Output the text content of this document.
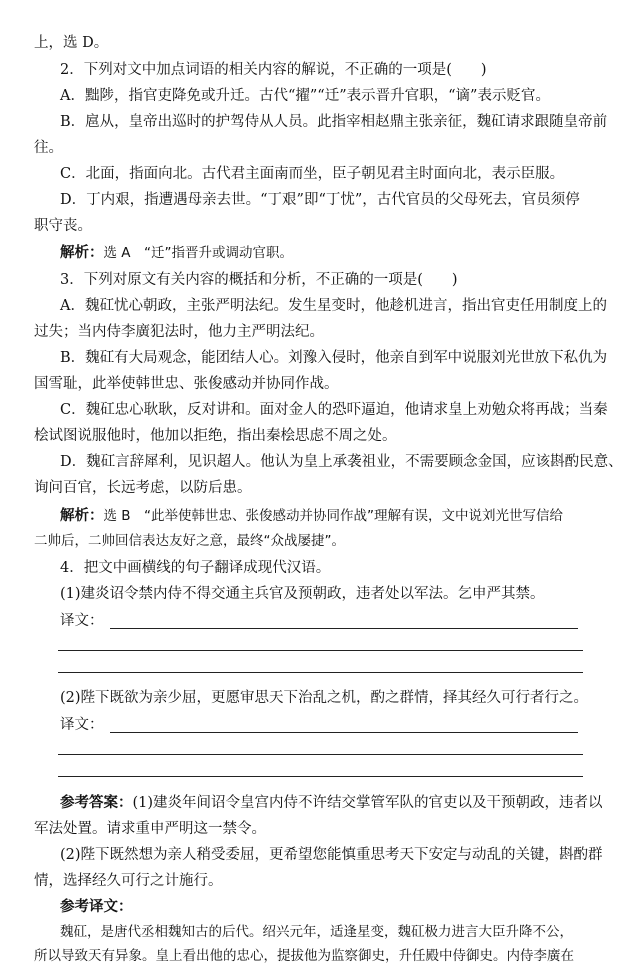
上，选 D。

2．下列对文中加点词语的相关内容的解说，不正确的一项是(　　)

A．黜陟，指官吏降免或升迁。古代“擢”“迁”表示晋升官职，“谪”表示贬官。

B．扈从，皇帝出巡时的护驾侍从人员。此指宰相赵鼎主张亲征，魏矼请求跟随皇帝前

往。

C．北面，指面向北。古代君主面南而坐，臣子朝见君主时面向北，表示臣服。

D．丁内艰，指遭遇母亲去世。“丁艰”即“丁忧”，古代官员的父母死去，官员须停

职守丧。

解析：选 A　“迁”指晋升或调动官职。

3．下列对原文有关内容的概括和分析，不正确的一项是(　　)

A．魏矼忧心朝政，主张严明法纪。发生星变时，他趁机进言，指出官吏任用制度上的

过失；当内侍李廣犯法时，他力主严明法纪。

B．魏矼有大局观念，能团结人心。刘豫入侵时，他亲自到军中说服刘光世放下私仇为

国雪耻，此举使韩世忠、张俊感动并协同作战。

C．魏矼忠心耿耿，反对讲和。面对金人的恐吓逼迫，他请求皇上劝勉众将再战；当秦

桧试图说服他时，他加以拒绝，指出秦桧思虑不周之处。

D．魏矼言辞犀利，见识超人。他认为皇上承袭祖业，不需要顾念金国，应该斟酌民意、

询问百官，长远考虑，以防后患。

解析：选 B　“此举使韩世忠、张俊感动并协同作战”理解有误，文中说刘光世写信给

二帅后，二帅回信表达友好之意，最终“众战屡捷”。

4．把文中画横线的句子翻译成现代汉语。

(1)建炎诏令禁内侍不得交通主兵官及预朝政，违者处以军法。乞申严其禁。

译文：

(2)陛下既欲为亲少屈，更愿审思天下治乱之机，酌之群情，择其经久可行者行之。

译文：

参考答案：(1)建炎年间诏令皇宫内侍不许结交掌管军队的官吏以及干预朝政，违者以

军法处置。请求重申严明这一禁令。

(2)陛下既然想为亲人稍受委屈，更希望您能慎重思考天下安定与动乱的关键，斟酌群

情，选择经久可行之计施行。

参考译文：

魏矼，是唐代丞相魏知古的后代。绍兴元年，适逢星变，魏矼极力进言大臣升降不公，

所以导致天有异象。皇上看出他的忠心，提拔他为监察御史，升任殿中侍御史。内侍李廣在
